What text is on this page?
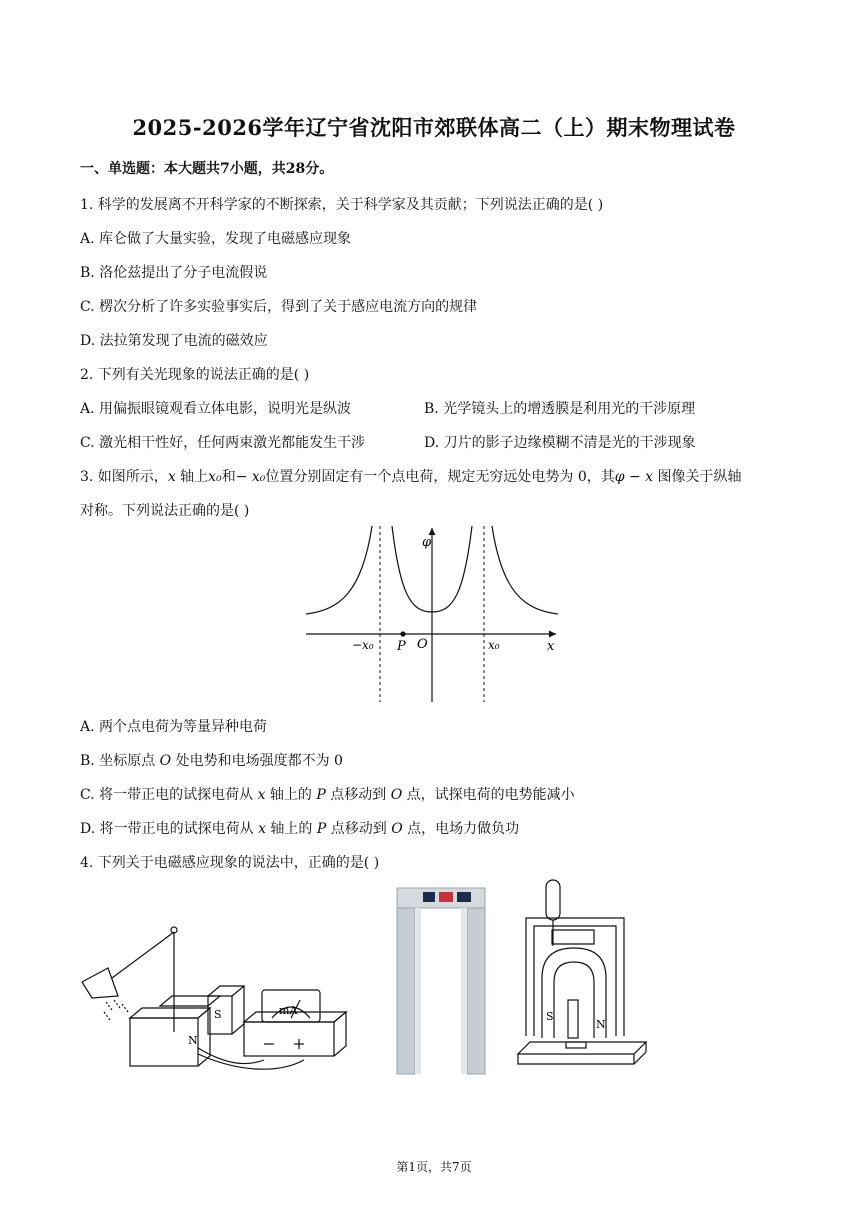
2025-2026学年辽宁省沈阳市郊联体高二（上）期末物理试卷
一、单选题：本大题共7小题，共28分。
1. 科学的发展离不开科学家的不断探索，关于科学家及其贡献；下列说法正确的是( )
A. 库仑做了大量实验，发现了电磁感应现象
B. 洛伦兹提出了分子电流假说
C. 楞次分析了许多实验事实后，得到了关于感应电流方向的规律
D. 法拉第发现了电流的磁效应
2. 下列有关光现象的说法正确的是( )
A. 用偏振眼镜观看立体电影，说明光是纵波	B. 光学镜头上的增透膜是利用光的干涉原理
C. 激光相干性好，任何两束激光都能发生干涉	D. 刀片的影子边缘模糊不清是光的干涉现象
3. 如图所示，x 轴上x₀和− x₀位置分别固定有一个点电荷，规定无穷远处电势为 0，其φ − x 图像关于纵轴
对称。下列说法正确的是( )
φ
x
−x₀ P O	x₀
A. 两个点电荷为等量异种电荷
B. 坐标原点 O 处电势和电场强度都不为 0
C. 将一带正电的试探电荷从 x 轴上的 P 点移动到 O 点，试探电荷的电势能减小
D. 将一带正电的试探电荷从 x 轴上的 P 点移动到 O 点，电场力做负功
4. 下列关于电磁感应现象的说法中，正确的是( )
S
N
mA	S
N
第1页，共7页
